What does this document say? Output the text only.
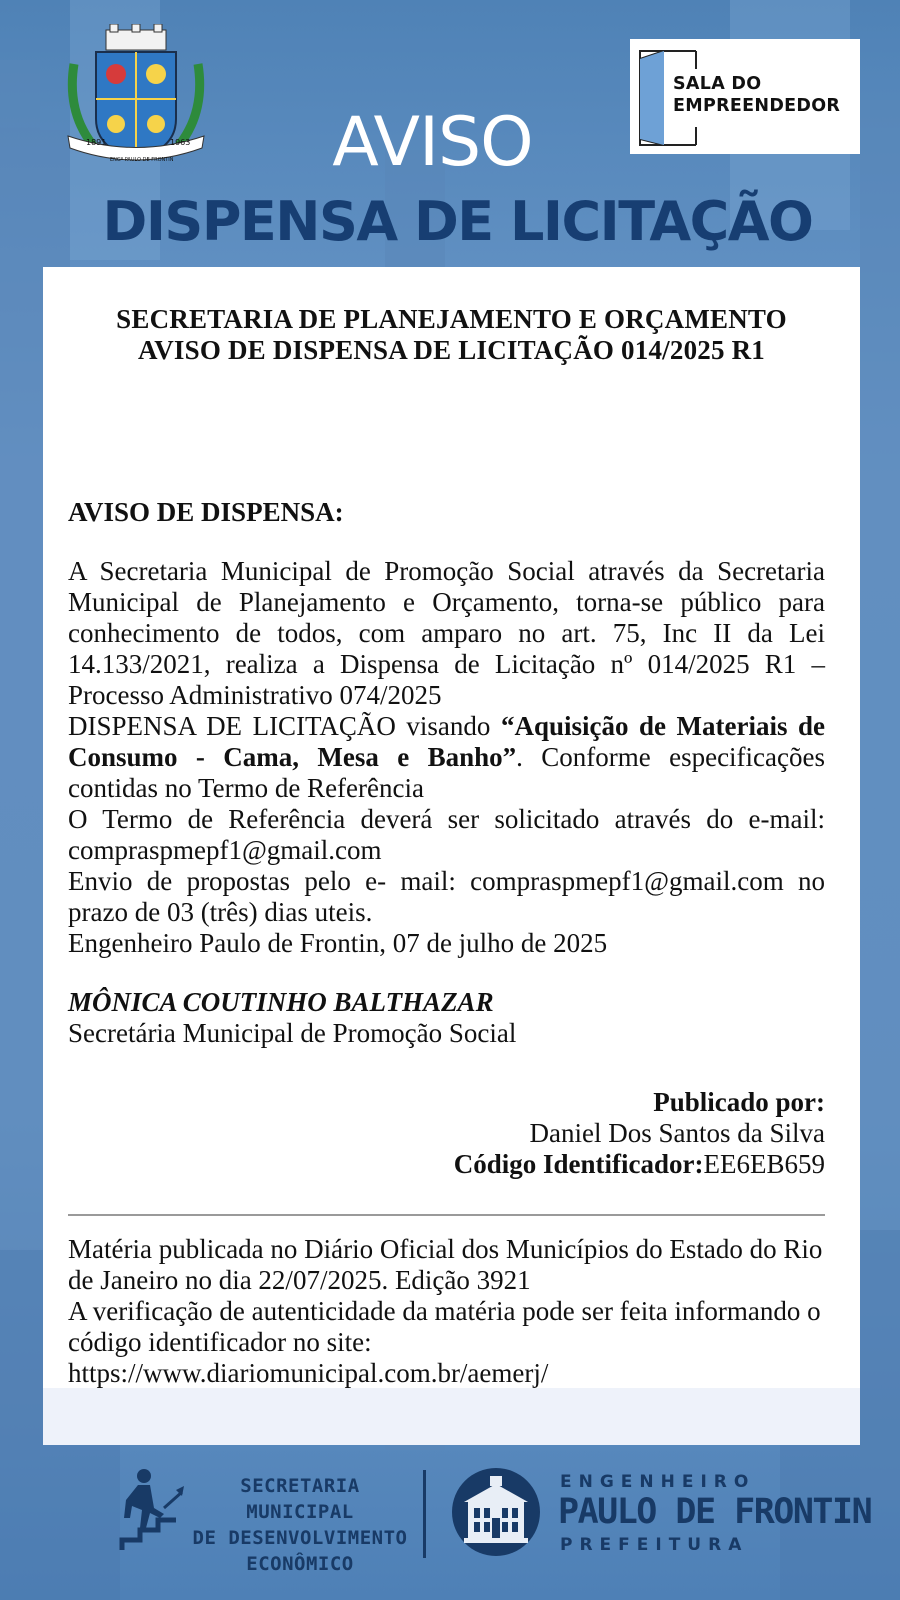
1891	1963
ENGº PAULO DE FRONTIN
SALA DO
EMPREENDEDOR
AVISO
DISPENSA DE LICITAÇÃO
SECRETARIA DE PLANEJAMENTO E ORÇAMENTO
AVISO DE DISPENSA DE LICITAÇÃO 014/2025 R1
AVISO DE DISPENSA:
A Secretaria Municipal de Promoção Social através da Secretaria Municipal de Planejamento e Orçamento, torna-se público para conhecimento de todos, com amparo no art. 75, Inc II da Lei 14.133/2021, realiza a Dispensa de Licitação nº 014/2025 R1 – Processo Administrativo 074/2025
DISPENSA DE LICITAÇÃO visando “Aquisição de Materiais de Consumo - Cama, Mesa e Banho”. Conforme especificações contidas no Termo de Referência
O Termo de Referência deverá ser solicitado através do e-mail: compraspmepf1@gmail.com
Envio de propostas pelo e- mail: compraspmepf1@gmail.com no prazo de 03 (três) dias uteis.
Engenheiro Paulo de Frontin, 07 de julho de 2025
MÔNICA COUTINHO BALTHAZAR
Secretária Municipal de Promoção Social
Publicado por:
Daniel Dos Santos da Silva
Código Identificador:EE6EB659
Matéria publicada no Diário Oficial dos Municípios do Estado do Rio de Janeiro no dia 22/07/2025. Edição 3921
A verificação de autenticidade da matéria pode ser feita informando o código identificador no site:
https://www.diariomunicipal.com.br/aemerj/
SECRETARIA MUNICIPAL
DE DESENVOLVIMENTO
ECONÔMICO
ENGENHEIRO
PAULO DE FRONTIN
PREFEITURA
